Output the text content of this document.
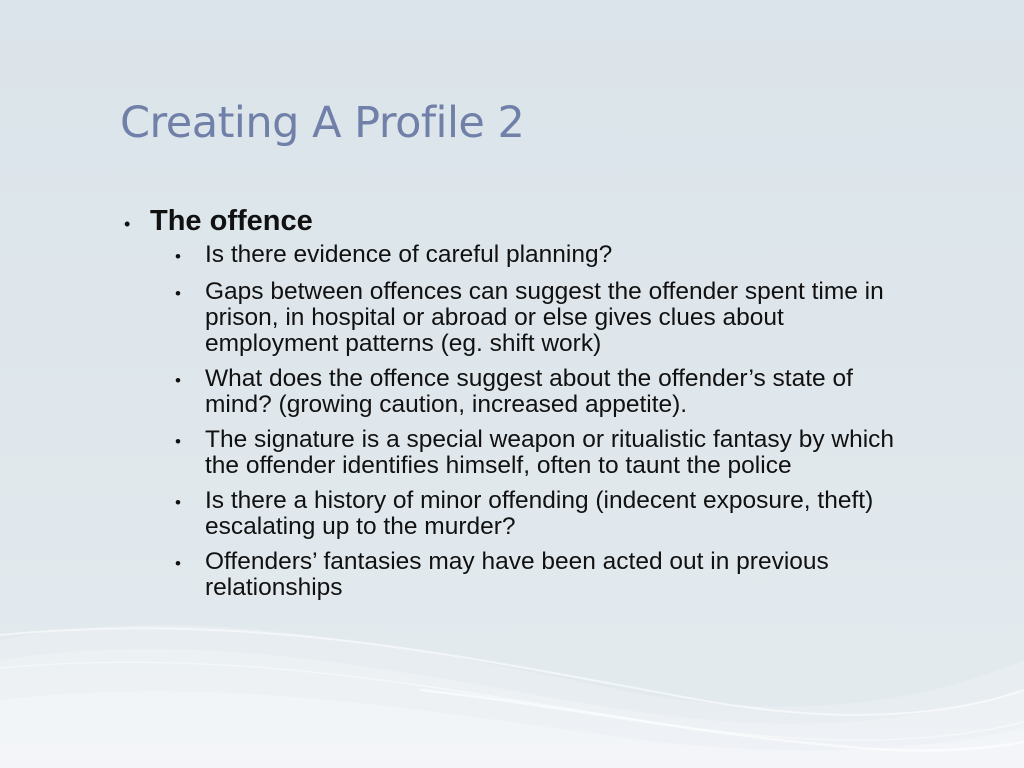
Creating A Profile 2
• The offence
• Is there evidence of careful planning?
• Gaps between offences can suggest the offender spent time in prison, in hospital or abroad or else gives clues about employment patterns (eg. shift work)
• What does the offence suggest about the offender’s state of mind? (growing caution, increased appetite).
• The signature is a special weapon or ritualistic fantasy by which the offender identifies himself, often to taunt the police
• Is there a history of minor offending (indecent exposure, theft) escalating up to the murder?
• Offenders’ fantasies may have been acted out in previous relationships
